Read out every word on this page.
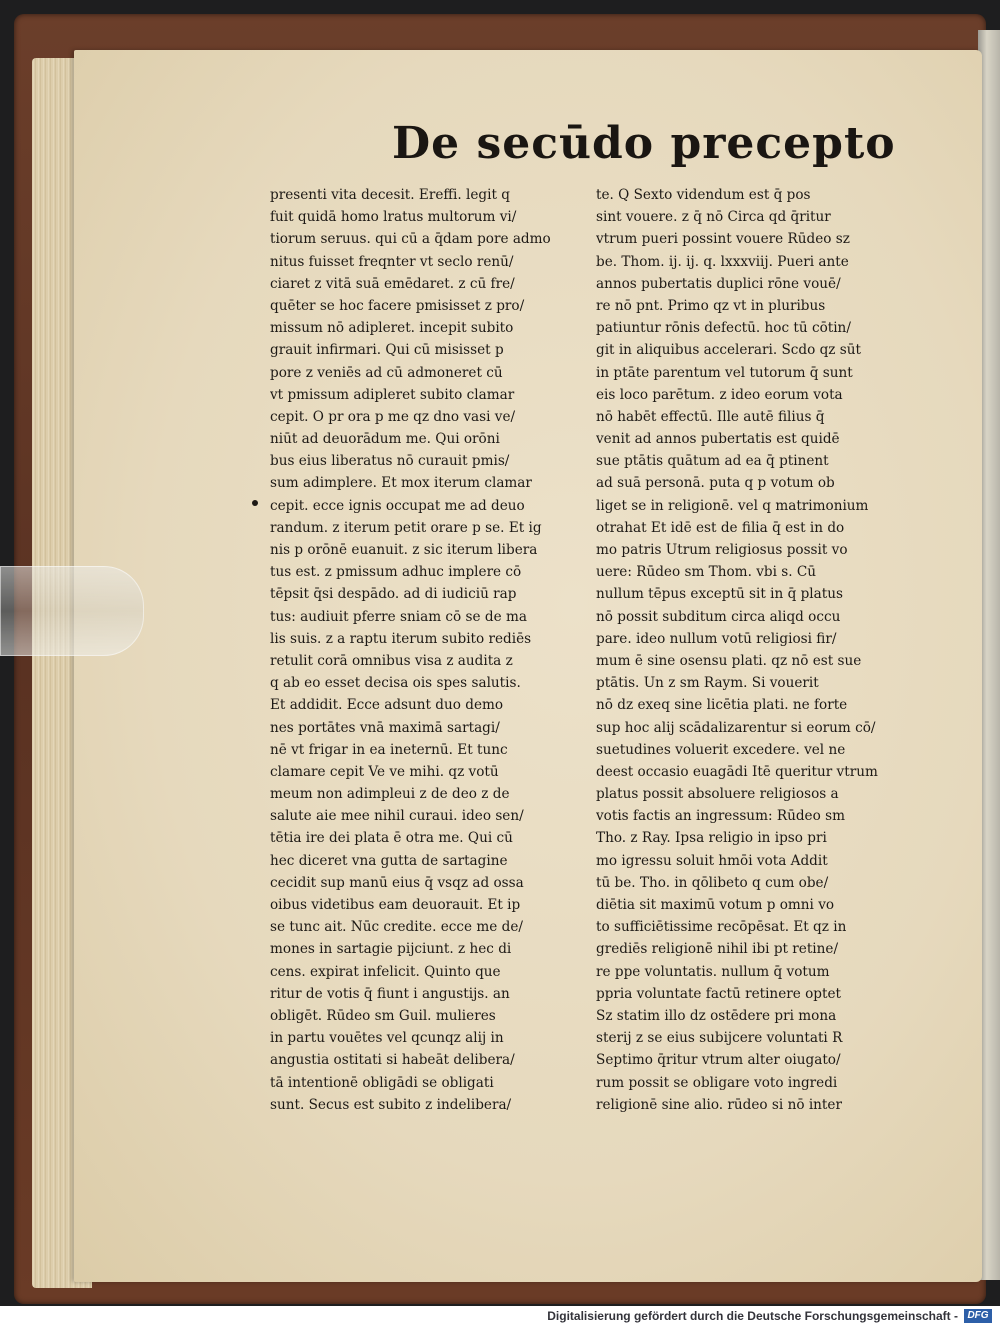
De secūdo precepto
presenti vita decesit. Ereffi. legit q
fuit quidā homo lratus multorum vi/
tiorum seruus. qui cū a q̄dam pore admo
nitus fuisset freqnter vt seclo renū/
ciaret z vitā suā emēdaret. z cū fre/
quēter se hoc facere pmisisset z pro/
missum nō adipleret. incepit subito
grauit infirmari. Qui cū misisset p
pore z veniēs ad cū admoneret cū
vt pmissum adipleret subito clamar
cepit. O pr ora p me qz dno vasi ve/
niūt ad deuorādum me. Qui orōni
bus eius liberatus nō curauit pmis/
sum adimplere. Et mox iterum clamar
cepit. ecce ignis occupat me ad deuo
randum. z iterum petit orare p se. Et ig
nis p orōnē euanuit. z sic iterum libera
tus est. z pmissum adhuc implere cō
tēpsit q̄si despādo. ad di iudiciū rap
tus: audiuit pferre sniam cō se de ma
lis suis. z a raptu iterum subito rediēs
retulit corā omnibus visa z audita z
q ab eo esset decisa ois spes salutis.
Et addidit. Ecce adsunt duo demo
nes portātes vnā maximā sartagi/
nē vt frigar in ea ineternū. Et tunc
clamare cepit Ve ve mihi. qz votū
meum non adimpleui z de deo z de
salute aie mee nihil curaui. ideo sen/
tētia ire dei plata ē otra me. Qui cū
hec diceret vna gutta de sartagine
cecidit sup manū eius q̄ vsqz ad ossa
oibus videtibus eam deuorauit. Et ip
se tunc ait. Nūc credite. ecce me de/
mones in sartagie pijciunt. z hec di
cens. expirat infelicit. Quinto que
ritur de votis q̄ fiunt i angustijs. an
obligēt. Rūdeo sm Guil. mulieres
in partu vouētes vel qcunqz alij in
angustia ostitati si habeāt delibera/
tā intentionē obligādi se obligati
sunt. Secus est subito z indelibera/
te. Q Sexto videndum est q̄ pos
sint vouere. z q̄ nō Circa qd q̄ritur
vtrum pueri possint vouere Rūdeo sz
be. Thom. ij. ij. q. lxxxviij. Pueri ante
annos pubertatis duplici rōne vouē/
re nō pnt. Primo qz vt in pluribus
patiuntur rōnis defectū. hoc tū cōtin/
git in aliquibus accelerari. Scdo qz sūt
in ptāte parentum vel tutorum q̄ sunt
eis loco parētum. z ideo eorum vota
nō habēt effectū. Ille autē filius q̄
venit ad annos pubertatis est quidē
sue ptātis quātum ad ea q̄ ptinent
ad suā personā. puta q p votum ob
liget se in religionē. vel q matrimonium
otrahat Et idē est de filia q̄ est in do
mo patris Utrum religiosus possit vo
uere: Rūdeo sm Thom. vbi s. Cū
nullum tēpus exceptū sit in q̄ platus
nō possit subditum circa aliqd occu
pare. ideo nullum votū religiosi fir/
mum ē sine osensu plati. qz nō est sue
ptātis. Un z sm Raym. Si vouerit
nō dz exeq sine licētia plati. ne forte
sup hoc alij scādalizarentur si eorum cō/
suetudines voluerit excedere. vel ne
deest occasio euagādi Itē queritur vtrum
platus possit absoluere religiosos a
votis factis an ingressum: Rūdeo sm
Tho. z Ray. Ipsa religio in ipso pri
mo igressu soluit hmōi vota Addit
tū be. Tho. in qōlibeto q cum obe/
diētia sit maximū votum p omni vo
to sufficiētissime recōpēsat. Et qz in
grediēs religionē nihil ibi pt retine/
re ppe voluntatis. nullum q̄ votum
ppria voluntate factū retinere optet
Sz statim illo dz ostēdere pri mona
sterij z se eius subijcere voluntati R
Septimo q̄ritur vtrum alter oiugato/
rum possit se obligare voto ingredi
religionē sine alio. rūdeo si nō inter
Digitalisierung gefördert durch die Deutsche Forschungsgemeinschaft - DFG
